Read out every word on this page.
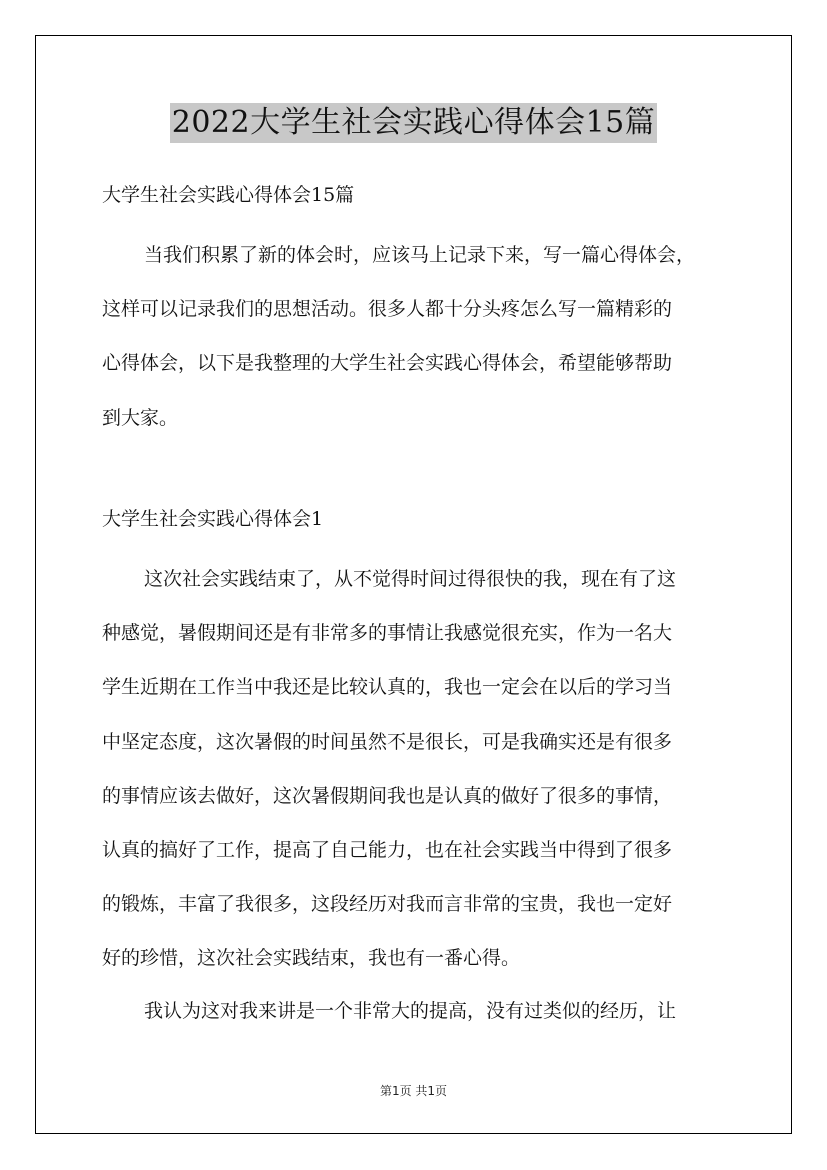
2022大学生社会实践心得体会15篇
大学生社会实践心得体会15篇
当我们积累了新的体会时，应该马上记录下来，写一篇心得体会，
这样可以记录我们的思想活动。很多人都十分头疼怎么写一篇精彩的
心得体会，以下是我整理的大学生社会实践心得体会，希望能够帮助
到大家。
大学生社会实践心得体会1
这次社会实践结束了，从不觉得时间过得很快的我，现在有了这
种感觉，暑假期间还是有非常多的事情让我感觉很充实，作为一名大
学生近期在工作当中我还是比较认真的，我也一定会在以后的学习当
中坚定态度，这次暑假的时间虽然不是很长，可是我确实还是有很多
的事情应该去做好，这次暑假期间我也是认真的做好了很多的事情，
认真的搞好了工作，提高了自己能力，也在社会实践当中得到了很多
的锻炼，丰富了我很多，这段经历对我而言非常的宝贵，我也一定好
好的珍惜，这次社会实践结束，我也有一番心得。
我认为这对我来讲是一个非常大的提高，没有过类似的经历，让
第1页 共1页
